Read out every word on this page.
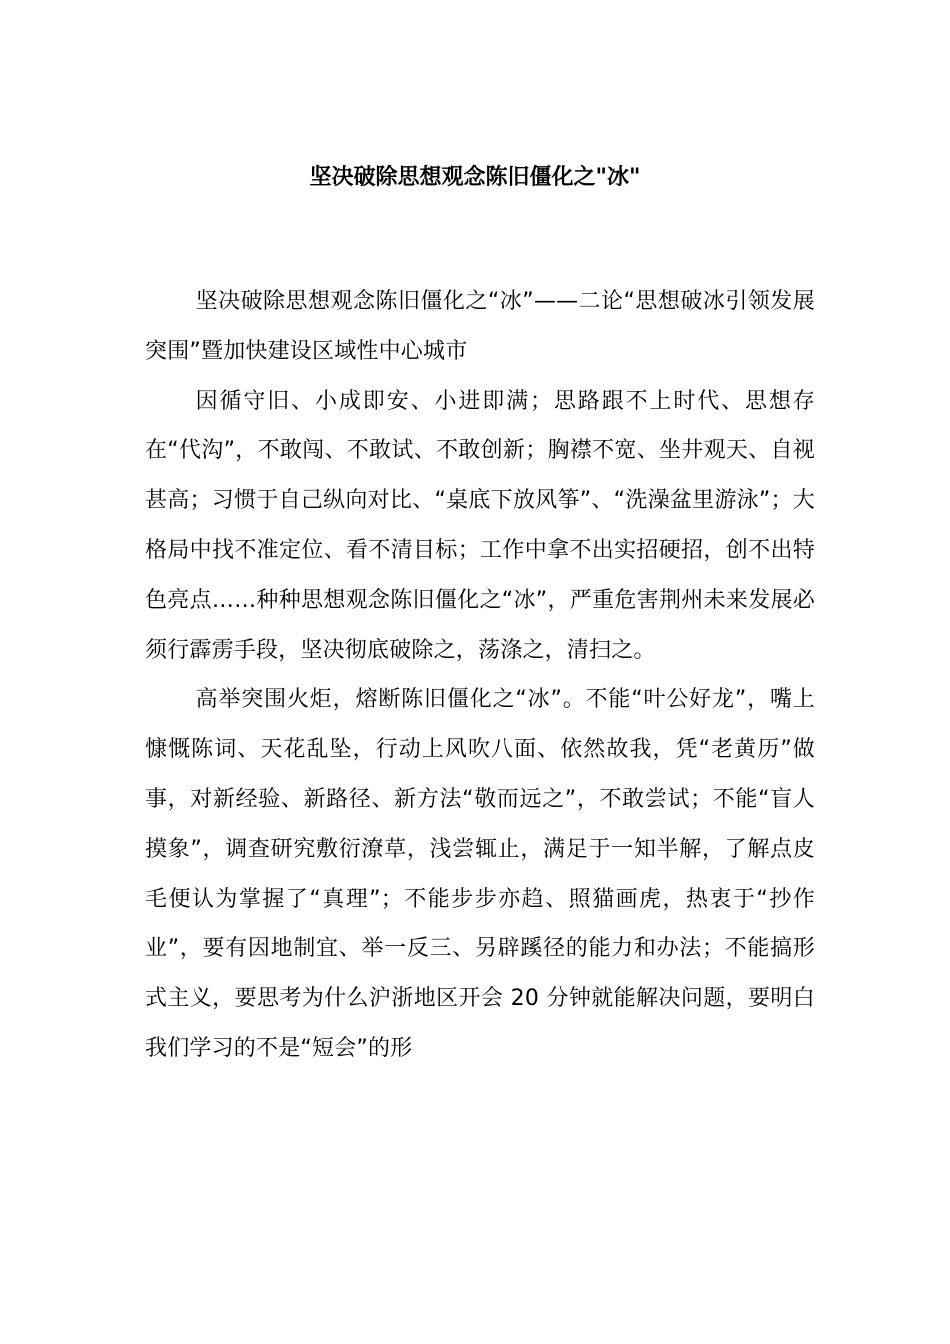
坚决破除思想观念陈旧僵化之"冰"

坚决破除思想观念陈旧僵化之“冰”——二论“思想破冰引领发展突围”暨加快建设区域性中心城市

因循守旧、小成即安、小进即满；思路跟不上时代、思想存在“代沟”，不敢闯、不敢试、不敢创新；胸襟不宽、坐井观天、自视甚高；习惯于自己纵向对比、“桌底下放风筝”、“洗澡盆里游泳”；大格局中找不准定位、看不清目标；工作中拿不出实招硬招，创不出特色亮点……种种思想观念陈旧僵化之“冰”，严重危害荆州未来发展必须行霹雳手段，坚决彻底破除之，荡涤之，清扫之。

高举突围火炬，熔断陈旧僵化之“冰”。不能“叶公好龙”，嘴上慷慨陈词、天花乱坠，行动上风吹八面、依然故我，凭“老黄历”做事，对新经验、新路径、新方法“敬而远之”，不敢尝试；不能“盲人摸象”，调查研究敷衍潦草，浅尝辄止，满足于一知半解，了解点皮毛便认为掌握了“真理”；不能步步亦趋、照猫画虎，热衷于“抄作业”，要有因地制宜、举一反三、另辟蹊径的能力和办法；不能搞形式主义，要思考为什么沪浙地区开会 20 分钟就能解决问题，要明白我们学习的不是“短会”的形
